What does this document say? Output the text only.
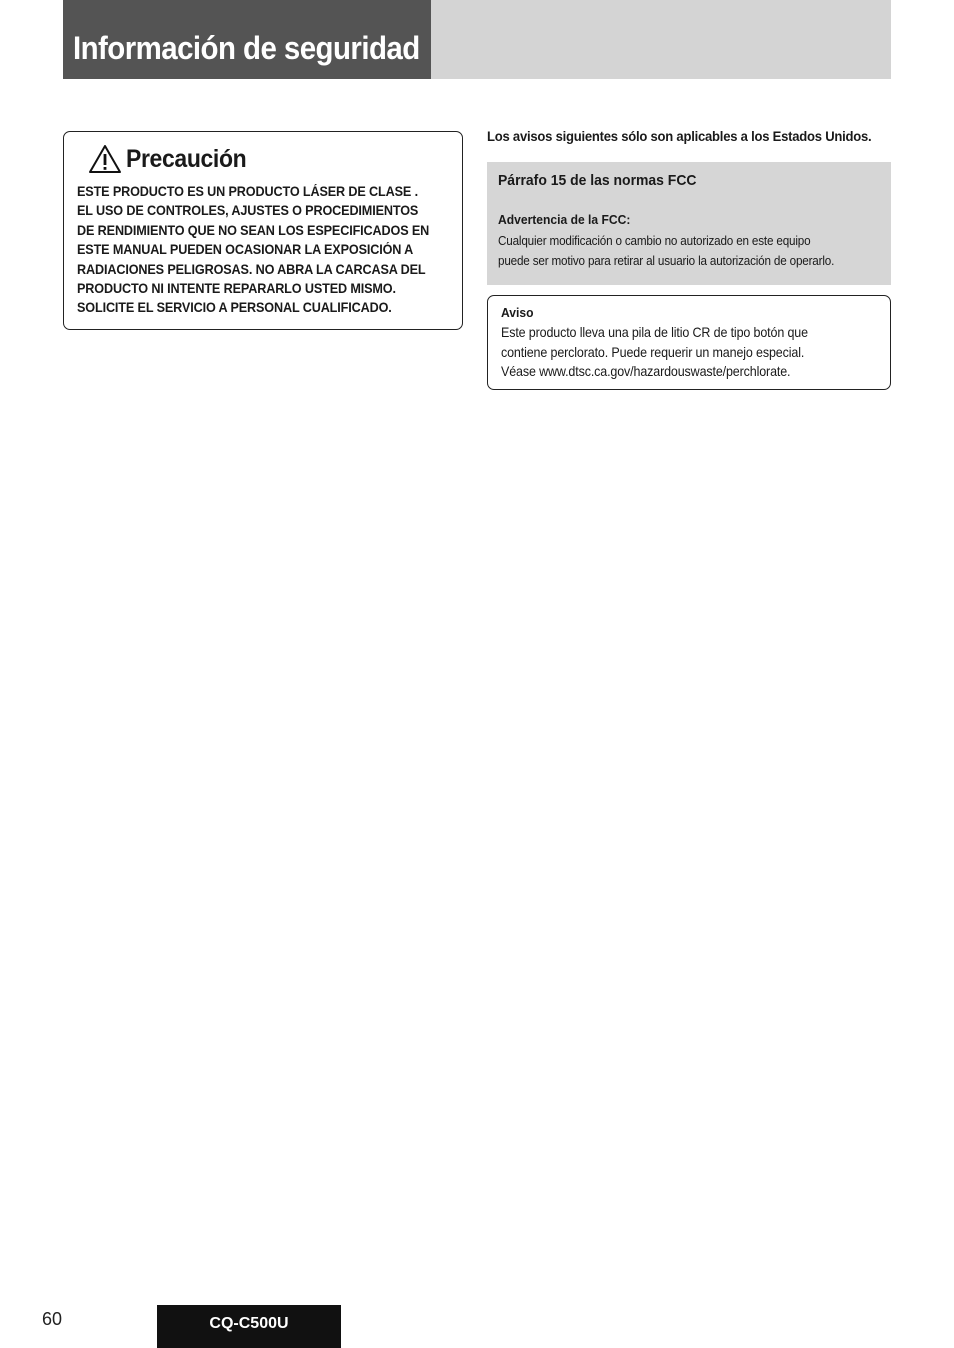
Información de seguridad
Precaución
ESTE PRODUCTO ES UN PRODUCTO LÁSER DE CLASE .
EL USO DE CONTROLES, AJUSTES O PROCEDIMIENTOS
DE RENDIMIENTO QUE NO SEAN LOS ESPECIFICADOS EN
ESTE MANUAL PUEDEN OCASIONAR LA EXPOSICIÓN A
RADIACIONES PELIGROSAS. NO ABRA LA CARCASA DEL
PRODUCTO NI INTENTE REPARARLO USTED MISMO.
SOLICITE EL SERVICIO A PERSONAL CUALIFICADO.
Los avisos siguientes sólo son aplicables a los Estados Unidos.
Párrafo 15 de las normas FCC
Advertencia de la FCC:
Cualquier modificación o cambio no autorizado en este equipo
puede ser motivo para retirar al usuario la autorización de operarlo.
Aviso
Este producto lleva una pila de litio CR de tipo botón que
contiene perclorato. Puede requerir un manejo especial.
Véase www.dtsc.ca.gov/hazardouswaste/perchlorate.
60	CQ-C500U
